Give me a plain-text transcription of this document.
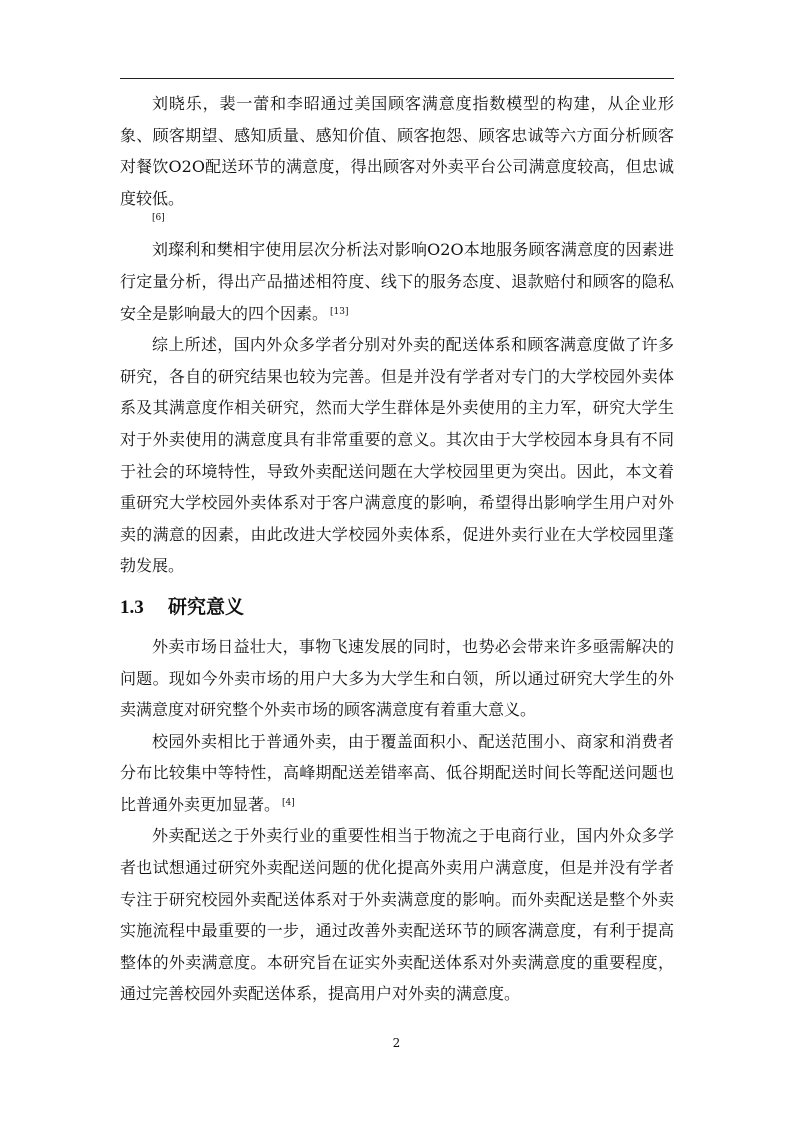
刘晓乐，裴一蕾和李昭通过美国顾客满意度指数模型的构建，从企业形象、顾客期望、感知质量、感知价值、顾客抱怨、顾客忠诚等六方面分析顾客对餐饮O2O配送环节的满意度，得出顾客对外卖平台公司满意度较高，但忠诚度较低。
[6]

刘璨利和樊相宇使用层次分析法对影响O2O本地服务顾客满意度的因素进行定量分析，得出产品描述相符度、线下的服务态度、退款赔付和顾客的隐私安全是影响最大的四个因素。 [13]

综上所述，国内外众多学者分别对外卖的配送体系和顾客满意度做了许多研究，各自的研究结果也较为完善。但是并没有学者对专门的大学校园外卖体系及其满意度作相关研究，然而大学生群体是外卖使用的主力军，研究大学生对于外卖使用的满意度具有非常重要的意义。其次由于大学校园本身具有不同于社会的环境特性，导致外卖配送问题在大学校园里更为突出。因此，本文着重研究大学校园外卖体系对于客户满意度的影响，希望得出影响学生用户对外卖的满意的因素，由此改进大学校园外卖体系，促进外卖行业在大学校园里蓬勃发展。

1.3 研究意义

外卖市场日益壮大，事物飞速发展的同时，也势必会带来许多亟需解决的问题。现如今外卖市场的用户大多为大学生和白领，所以通过研究大学生的外卖满意度对研究整个外卖市场的顾客满意度有着重大意义。

校园外卖相比于普通外卖，由于覆盖面积小、配送范围小、商家和消费者分布比较集中等特性，高峰期配送差错率高、低谷期配送时间长等配送问题也比普通外卖更加显著。 [4]

外卖配送之于外卖行业的重要性相当于物流之于电商行业，国内外众多学者也试想通过研究外卖配送问题的优化提高外卖用户满意度，但是并没有学者专注于研究校园外卖配送体系对于外卖满意度的影响。而外卖配送是整个外卖实施流程中最重要的一步，通过改善外卖配送环节的顾客满意度，有利于提高整体的外卖满意度。本研究旨在证实外卖配送体系对外卖满意度的重要程度，通过完善校园外卖配送体系，提高用户对外卖的满意度。

2
